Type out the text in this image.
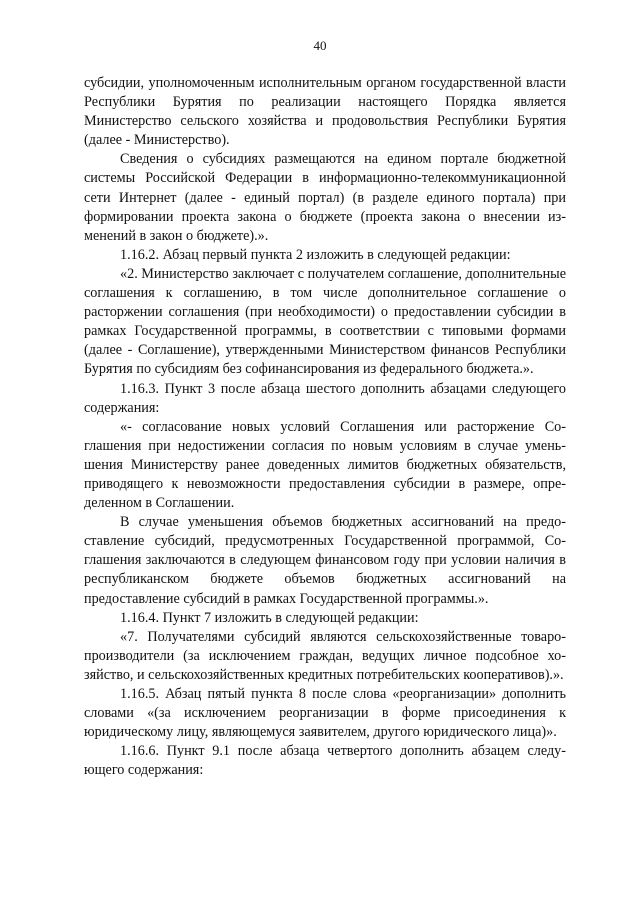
40

субсидии, уполномоченным исполнительным органом государственной власти Республики Бурятия по реализации настоящего Порядка является Министерство сельского хозяйства и продовольствия Республики Бурятия (далее - Министерство).

Сведения о субсидиях размещаются на едином портале бюджетной системы Российской Федерации в информационно-телекоммуникационной сети Интернет (далее - единый портал) (в разделе единого портала) при формировании проекта закона о бюджете (проекта закона о внесении изменений в закон о бюджете).».

1.16.2. Абзац первый пункта 2 изложить в следующей редакции:

«2. Министерство заключает с получателем соглашение, дополнительные соглашения к соглашению, в том числе дополнительное соглашение о расторжении соглашения (при необходимости) о предоставлении субсидии в рамках Государственной программы, в соответствии с типовыми формами (далее - Соглашение), утвержденными Министерством финансов Республики Бурятия по субсидиям без софинансирования из федерального бюджета.».

1.16.3. Пункт 3 после абзаца шестого дополнить абзацами следующего содержания:

«- согласование новых условий Соглашения или расторжение Соглашения при недостижении согласия по новым условиям в случае уменьшения Министерству ранее доведенных лимитов бюджетных обязательств, приводящего к невозможности предоставления субсидии в размере, определенном в Соглашении.

В случае уменьшения объемов бюджетных ассигнований на предоставление субсидий, предусмотренных Государственной программой, Соглашения заключаются в следующем финансовом году при условии наличия в республиканском бюджете объемов бюджетных ассигнований на предоставление субсидий в рамках Государственной программы.».

1.16.4. Пункт 7 изложить в следующей редакции:

«7. Получателями субсидий являются сельскохозяйственные товаропроизводители (за исключением граждан, ведущих личное подсобное хозяйство, и сельскохозяйственных кредитных потребительских кооперативов).».

1.16.5. Абзац пятый пункта 8 после слова «реорганизации» дополнить словами «(за исключением реорганизации в форме присоединения к юридическому лицу, являющемуся заявителем, другого юридического лица)».

1.16.6. Пункт 9.1 после абзаца четвертого дополнить абзацем следующего содержания:
